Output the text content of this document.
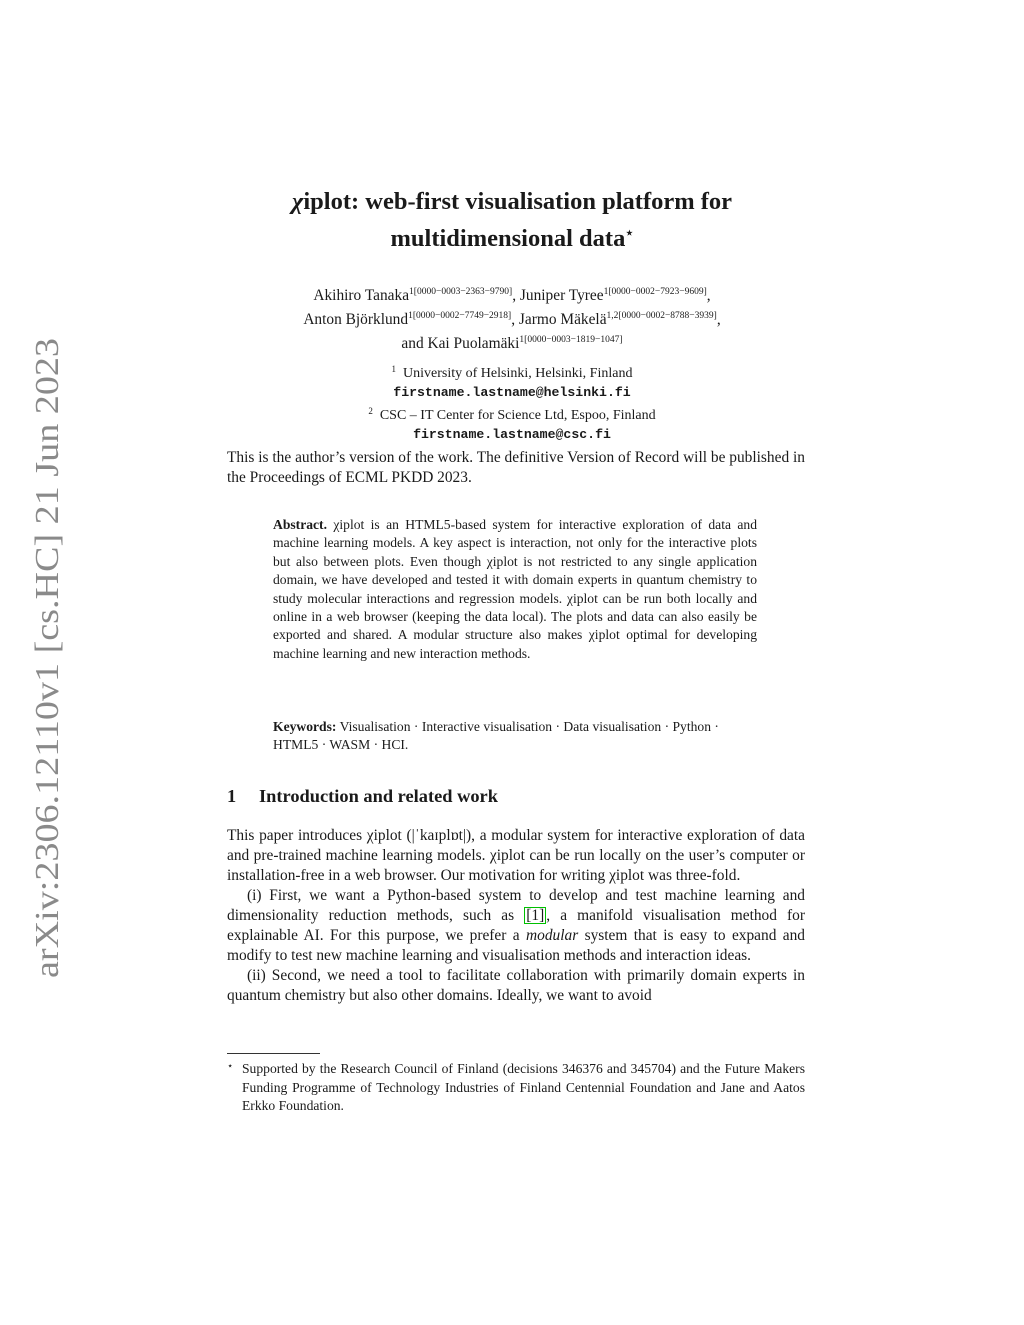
arXiv:2306.12110v1 [cs.HC] 21 Jun 2023
χiplot: web-first visualisation platform for
multidimensional data⋆
Akihiro Tanaka$^{1[0000-0003-2363-9790]}$, Juniper Tyree$^{1[0000-0002-7923-9609]}$,
Anton Björklund$^{1[0000-0002-7749-2918]}$, Jarmo Mäkelä$^{1,2[0000-0002-8788-3939]}$,
and Kai Puolamäki$^{1[0000-0003-1819-1047]}$
$^1$ University of Helsinki, Helsinki, Finland
firstname.lastname@helsinki.fi
$^2$ CSC – IT Center for Science Ltd, Espoo, Finland
firstname.lastname@csc.fi
This is the author’s version of the work. The definitive Version of Record will be published in the Proceedings of ECML PKDD 2023.
Abstract. χiplot is an HTML5-based system for interactive exploration of data and machine learning models. A key aspect is interaction, not only for the interactive plots but also between plots. Even though χiplot is not restricted to any single application domain, we have developed and tested it with domain experts in quantum chemistry to study molecular interactions and regression models. χiplot can be run both locally and online in a web browser (keeping the data local). The plots and data can also easily be exported and shared. A modular structure also makes χiplot optimal for developing machine learning and new interaction methods.
Keywords: Visualisation · Interactive visualisation · Data visualisation · Python · HTML5 · WASM · HCI.
1 Introduction and related work

This paper introduces χiplot (|ˈkaɪplɒt|), a modular system for interactive exploration of data and pre-trained machine learning models. χiplot can be run locally on the user’s computer or installation-free in a web browser. Our motivation for writing χiplot was three-fold.

(i) First, we want a Python-based system to develop and test machine learning and dimensionality reduction methods, such as [1] , a manifold visualisation method for explainable AI. For this purpose, we prefer a modular system that is easy to expand and modify to test new machine learning and visualisation methods and interaction ideas.

(ii) Second, we need a tool to facilitate collaboration with primarily domain experts in quantum chemistry but also other domains. Ideally, we want to avoid

⋆ Supported by the Research Council of Finland (decisions 346376 and 345704) and the Future Makers Funding Programme of Technology Industries of Finland Centennial Foundation and Jane and Aatos Erkko Foundation.
